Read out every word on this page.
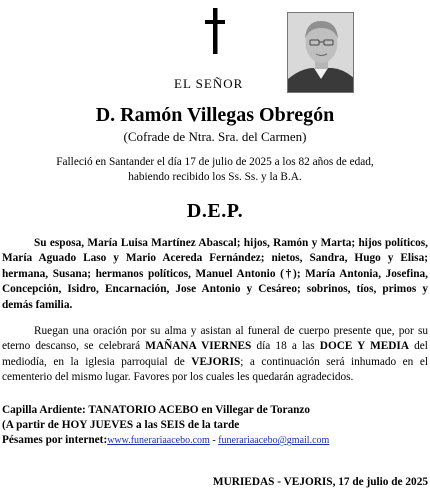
EL SEÑOR
D. Ramón Villegas Obregón
(Cofrade de Ntra. Sra. del Carmen)
Falleció en Santander el día 17 de julio de 2025 a los 82 años de edad,
habiendo recibido los Ss. Ss. y la B.A.
D.E.P.
Su esposa, María Luisa Martínez Abascal; hijos, Ramón y Marta; hijos políticos, María Aguado Laso y Mario Acereda Fernández; nietos, Sandra, Hugo y Elisa; hermana, Susana; hermanos políticos, Manuel Antonio (†); María Antonia, Josefina, Concepción, Isidro, Encarnación, Jose Antonio y Cesáreo; sobrinos, tíos, primos y demás familia.
Ruegan una oración por su alma y asistan al funeral de cuerpo presente que, por su eterno descanso, se celebrará MAÑANA VIERNES día 18 a las DOCE Y MEDIA del mediodía, en la iglesia parroquial de VEJORIS; a continuación será inhumado en el cementerio del mismo lugar. Favores por los cuales les quedarán agradecidos.
Capilla Ardiente: TANATORIO ACEBO en Villegar de Toranzo
(A partir de HOY JUEVES a las SEIS de la tarde
Pésames por internet:www.funerariaacebo.com - funerariaacebo@gmail.com
MURIEDAS - VEJORIS, 17 de julio de 2025
